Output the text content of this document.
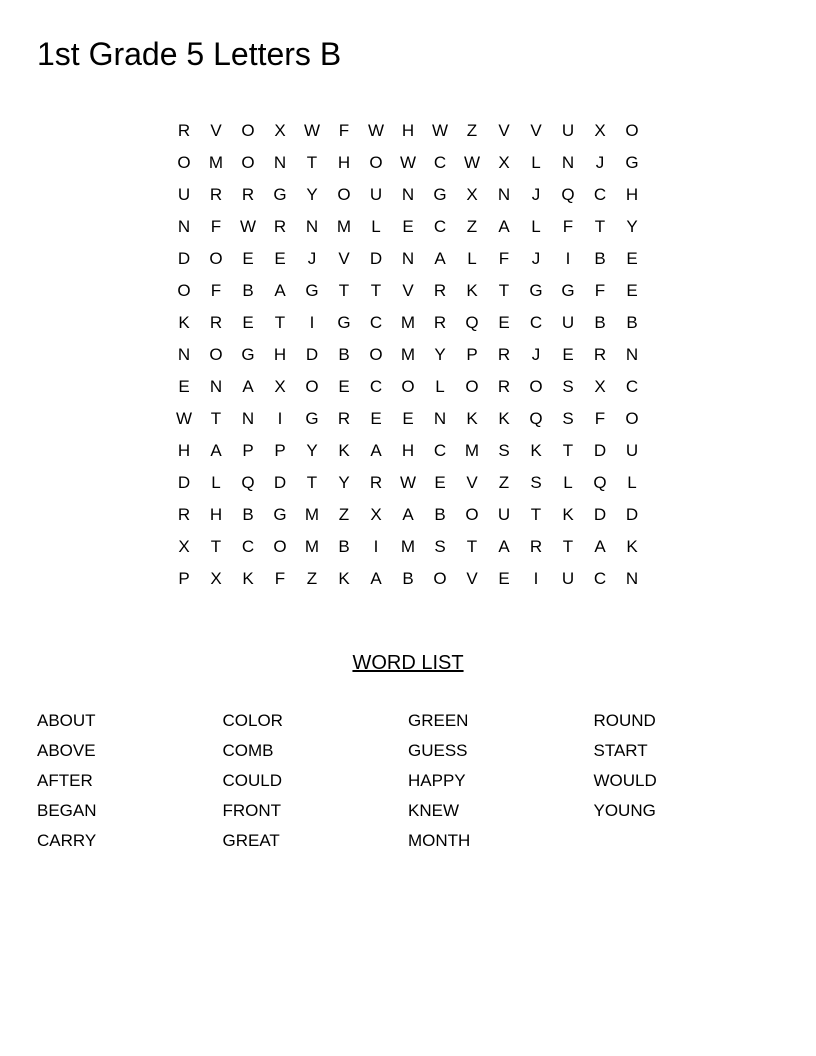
1st Grade 5 Letters B
R	V	O	X	W	F	W	H	W	Z	V	V	U	X	O
O	M	O	N	T	H	O	W	C	W	X	L	N	J	G
U	R	R	G	Y	O	U	N	G	X	N	J	Q	C	H
N	F	W	R	N	M	L	E	C	Z	A	L	F	T	Y
D	O	E	E	J	V	D	N	A	L	F	J	I	B	E
O	F	B	A	G	T	T	V	R	K	T	G	G	F	E
K	R	E	T	I	G	C	M	R	Q	E	C	U	B	B
N	O	G	H	D	B	O	M	Y	P	R	J	E	R	N
E	N	A	X	O	E	C	O	L	O	R	O	S	X	C
W	T	N	I	G	R	E	E	N	K	K	Q	S	F	O
H	A	P	P	Y	K	A	H	C	M	S	K	T	D	U
D	L	Q	D	T	Y	R	W	E	V	Z	S	L	Q	L
R	H	B	G	M	Z	X	A	B	O	U	T	K	D	D
X	T	C	O	M	B	I	M	S	T	A	R	T	A	K
P	X	K	F	Z	K	A	B	O	V	E	I	U	C	N
WORD LIST
ABOUT
ABOVE
AFTER
BEGAN
CARRY
COLOR
COMB
COULD
FRONT
GREAT
GREEN
GUESS
HAPPY
KNEW
MONTH
ROUND
START
WOULD
YOUNG
